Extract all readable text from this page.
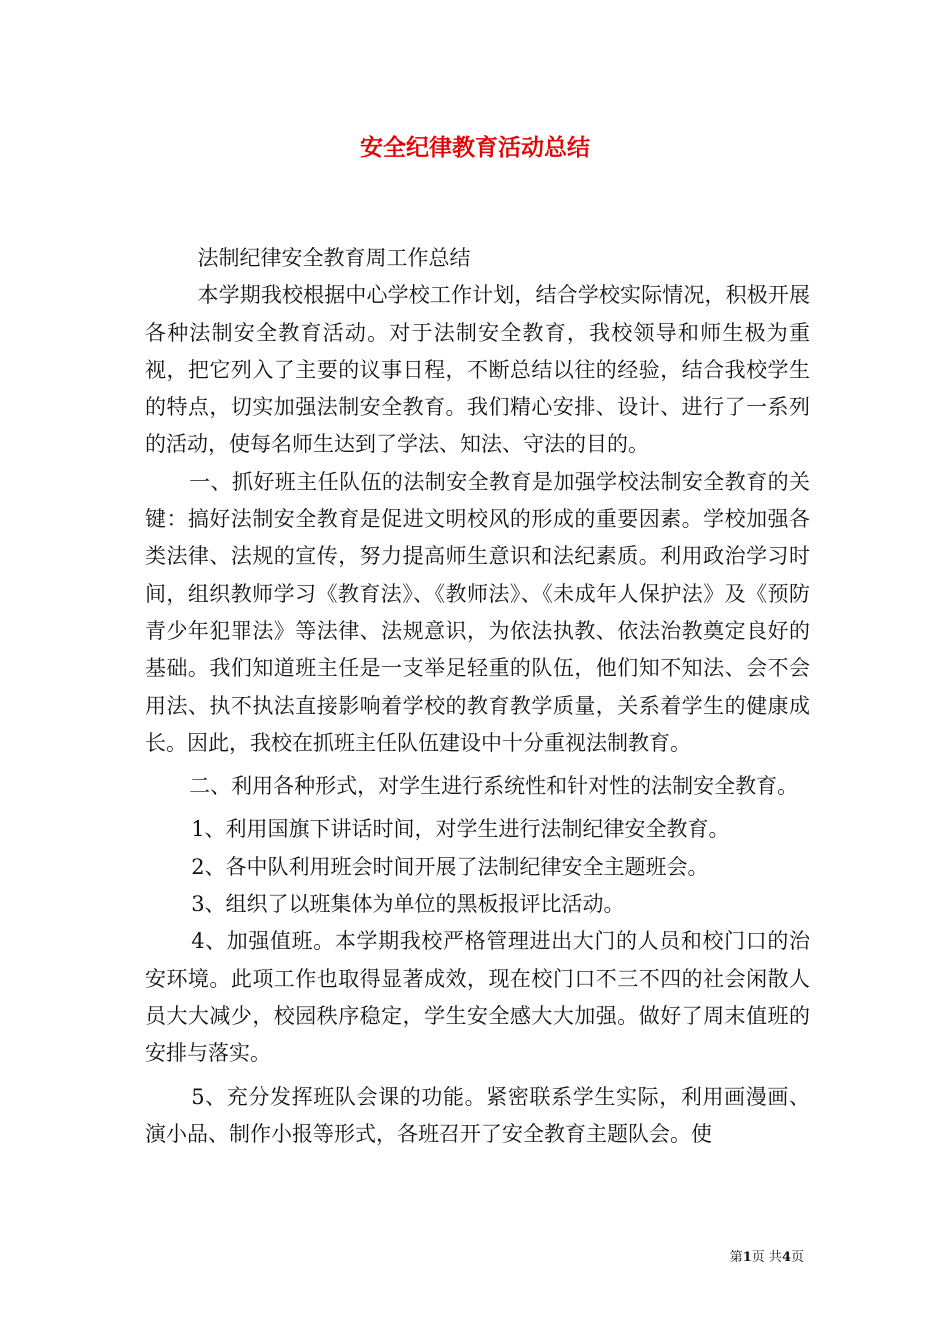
安全纪律教育活动总结

法制纪律安全教育周工作总结

本学期我校根据中心学校工作计划，结合学校实际情况，积极开展各种法制安全教育活动。对于法制安全教育，我校领导和师生极为重视，把它列入了主要的议事日程，不断总结以往的经验，结合我校学生的特点，切实加强法制安全教育。我们精心安排、设计、进行了一系列的活动，使每名师生达到了学法、知法、守法的目的。

一、抓好班主任队伍的法制安全教育是加强学校法制安全教育的关键：搞好法制安全教育是促进文明校风的形成的重要因素。学校加强各类法律、法规的宣传，努力提高师生意识和法纪素质。利用政治学习时间，组织教师学习《教育法》、《教师法》、《未成年人保护法》及《预防青少年犯罪法》等法律、法规意识，为依法执教、依法治教奠定良好的基础。我们知道班主任是一支举足轻重的队伍，他们知不知法、会不会用法、执不执法直接影响着学校的教育教学质量，关系着学生的健康成长。因此，我校在抓班主任队伍建设中十分重视法制教育。

二、利用各种形式，对学生进行系统性和针对性的法制安全教育。

1、利用国旗下讲话时间，对学生进行法制纪律安全教育。

2、各中队利用班会时间开展了法制纪律安全主题班会。

3、组织了以班集体为单位的黑板报评比活动。

4、加强值班。本学期我校严格管理进出大门的人员和校门口的治安环境。此项工作也取得显著成效，现在校门口不三不四的社会闲散人员大大减少，校园秩序稳定，学生安全感大大加强。做好了周末值班的安排与落实。

5、充分发挥班队会课的功能。紧密联系学生实际，利用画漫画、演小品、制作小报等形式，各班召开了安全教育主题队会。使

第1页 共4页
